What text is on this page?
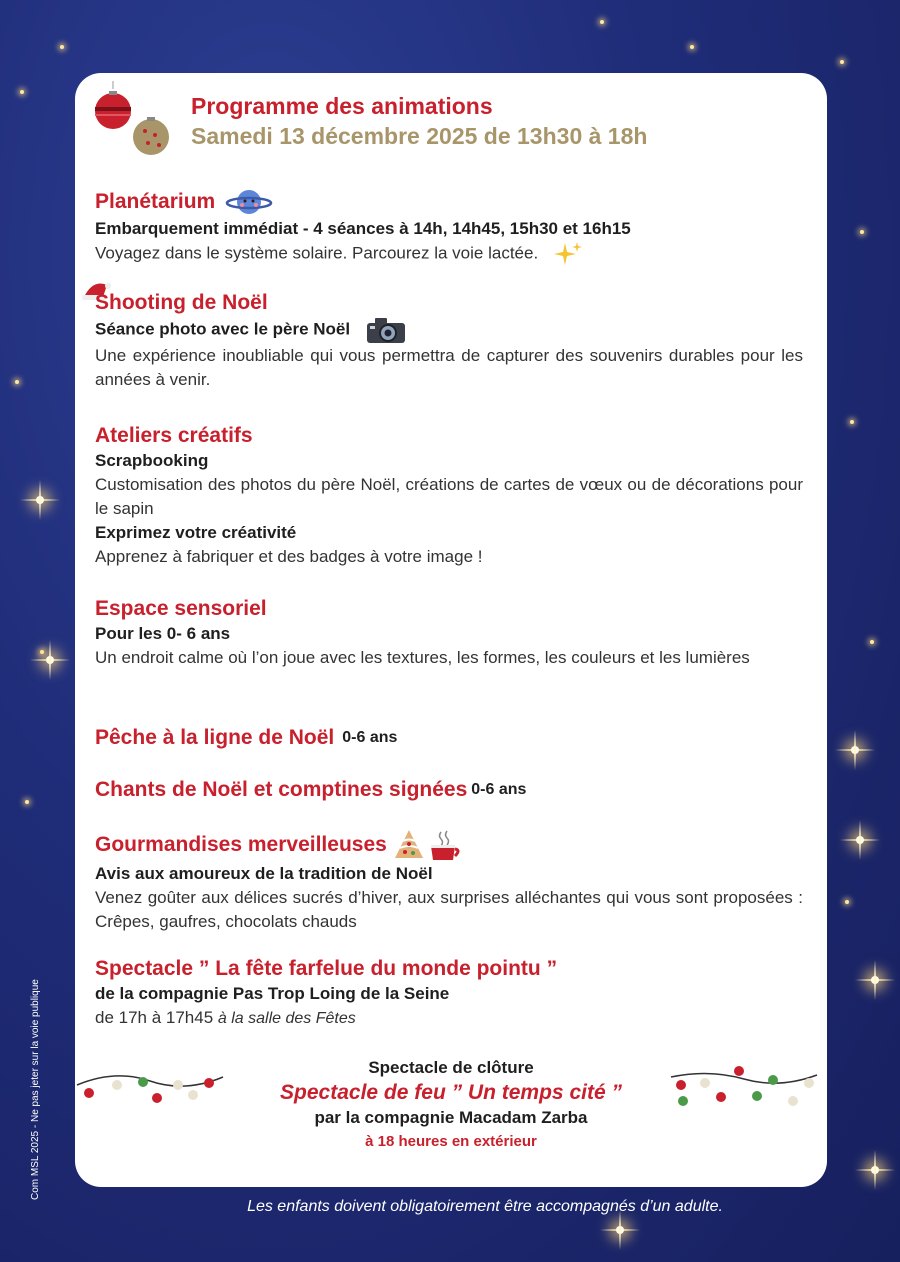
Programme des animations
Samedi 13 décembre 2025 de 13h30 à 18h
Planétarium
Embarquement immédiat - 4 séances à 14h, 14h45, 15h30 et 16h15
Voyagez dans le système solaire. Parcourez la voie lactée.
Shooting de Noël
Séance photo avec le père Noël
Une expérience inoubliable qui vous permettra de capturer des souvenirs durables pour les années à venir.
Ateliers créatifs
Scrapbooking
Customisation des photos du père Noël, créations de cartes de vœux ou de décorations pour le sapin
Exprimez votre créativité
Apprenez à fabriquer et des badges à votre image !
Espace sensoriel
Pour les 0- 6 ans
Un endroit calme où l’on joue avec les textures, les formes, les couleurs et les lumières
Pêche à la ligne de Noël 0-6 ans
Chants de Noël et comptines signées 0-6 ans
Gourmandises merveilleuses
Avis aux amoureux de la tradition de Noël
Venez goûter aux délices sucrés d’hiver, aux surprises alléchantes qui vous sont proposées : Crêpes, gaufres, chocolats chauds
Spectacle ” La fête farfelue du monde pointu ”
de la compagnie Pas Trop Loing de la Seine
de 17h à 17h45 à la salle des Fêtes
Spectacle de clôture
Spectacle de feu ” Un temps cité ”
par la compagnie Macadam Zarba
à 18 heures en extérieur
Les enfants doivent obligatoirement être accompagnés d’un adulte.
Com MSL 2025 - Ne pas jeter sur la voie publique
